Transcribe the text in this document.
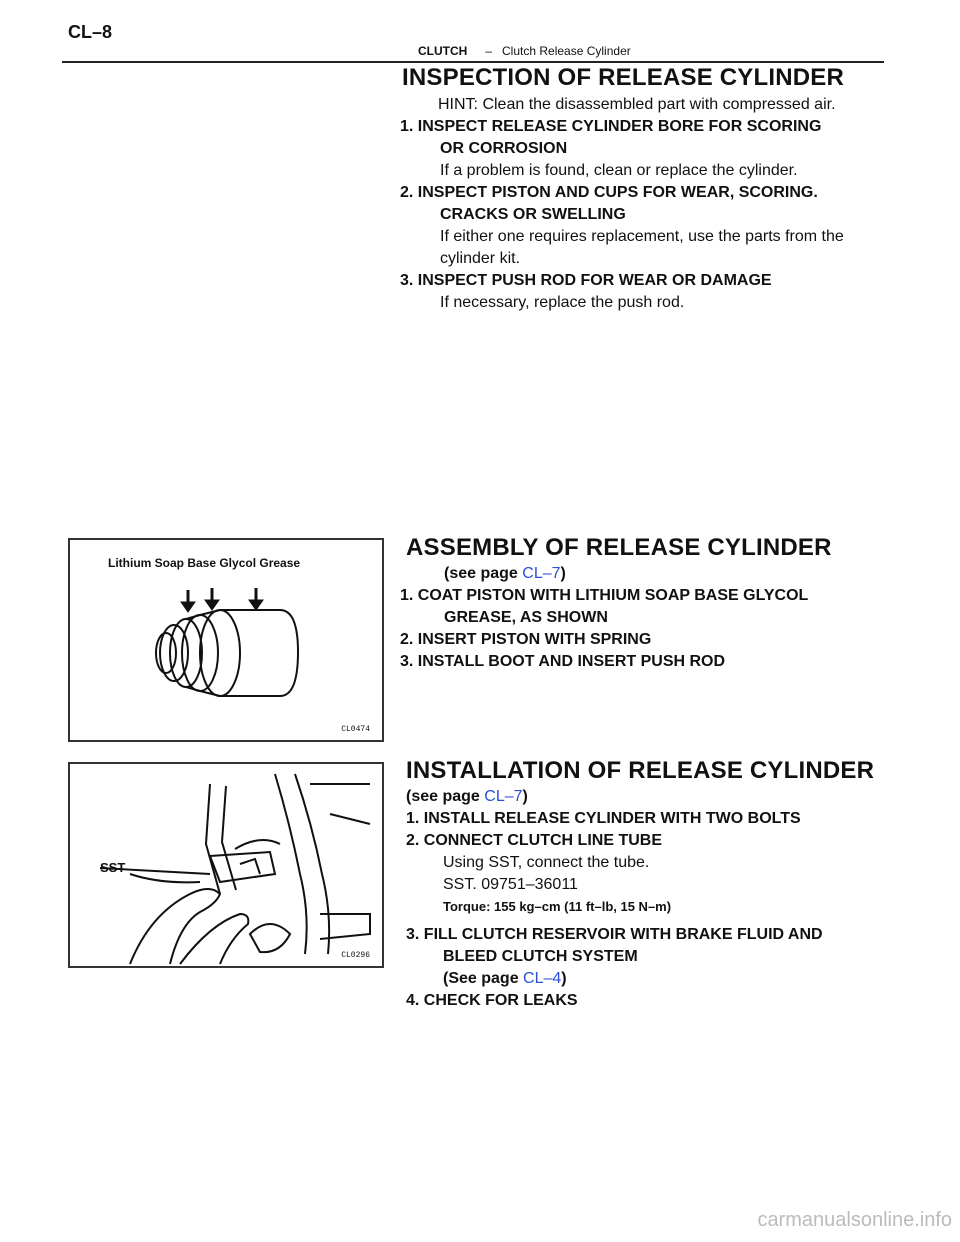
CL–8
CLUTCH – Clutch Release Cylinder
INSPECTION OF RELEASE CYLINDER
HINT: Clean the disassembled part with compressed air.
1. INSPECT RELEASE CYLINDER BORE FOR SCORING
OR CORROSION
If a problem is found, clean or replace the cylinder.
2. INSPECT PISTON AND CUPS FOR WEAR, SCORING.
CRACKS OR SWELLING
If either one requires replacement, use the parts from the
cylinder kit.
3. INSPECT PUSH ROD FOR WEAR OR DAMAGE
If necessary, replace the push rod.
Lithium Soap Base Glycol Grease
CL0474
ASSEMBLY OF RELEASE CYLINDER
(see page CL–7)
1. COAT PISTON WITH LITHIUM SOAP BASE GLYCOL
GREASE, AS SHOWN
2. INSERT PISTON WITH SPRING
3. INSTALL BOOT AND INSERT PUSH ROD
SST
CL0296
INSTALLATION OF RELEASE CYLINDER
(see page CL–7)
1. INSTALL RELEASE CYLINDER WITH TWO BOLTS
2. CONNECT CLUTCH LINE TUBE
Using SST, connect the tube.
SST. 09751–36011
Torque: 155 kg–cm (11 ft–lb, 15 N–m)
3. FILL CLUTCH RESERVOIR WITH BRAKE FLUID AND
BLEED CLUTCH SYSTEM
(See page CL–4)
4. CHECK FOR LEAKS
carmanualsonline.info
